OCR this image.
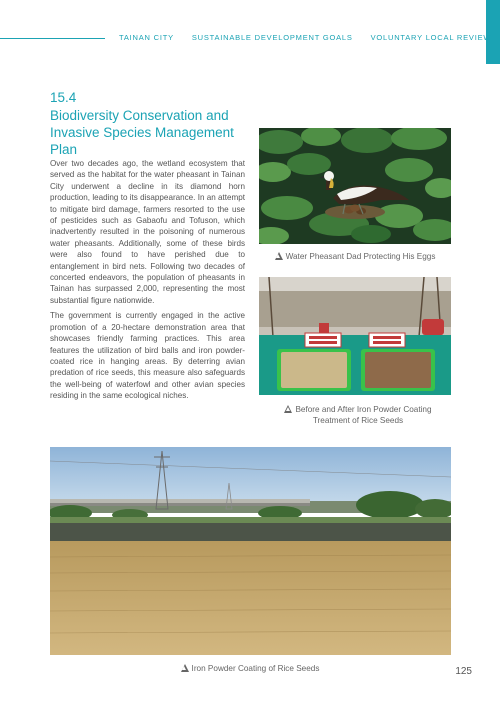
TAINAN CITY SUSTAINABLE DEVELOPMENT GOALS VOLUNTARY LOCAL REVIEW
15.4
Biodiversity Conservation and Invasive Species Management Plan

Over two decades ago, the wetland ecosystem that served as the habitat for the water pheasant in Tainan City underwent a decline in its diamond horn production, leading to its disappearance. In an attempt to mitigate bird damage, farmers resorted to the use of pesticides such as Gabaofu and Tofuson, which inadvertently resulted in the poisoning of numerous water pheasants. Additionally, some of these birds were also found to have perished due to entanglement in bird nets. Following two decades of concerted endeavors, the population of pheasants in Tainan has surpassed 2,000, representing the most substantial figure nationwide.

The government is currently engaged in the active promotion of a 20-hectare demonstration area that showcases friendly farming practices. This area features the utilization of bird balls and iron powder-coated rice in hanging areas. By deterring avian predation of rice seeds, this measure also safeguards the well-being of waterfowl and other avian species residing in the same ecological niches.

Water Pheasant Dad Protecting His Eggs
Before and After Iron Powder Coating Treatment of Rice Seeds
Iron Powder Coating of Rice Seeds	125
